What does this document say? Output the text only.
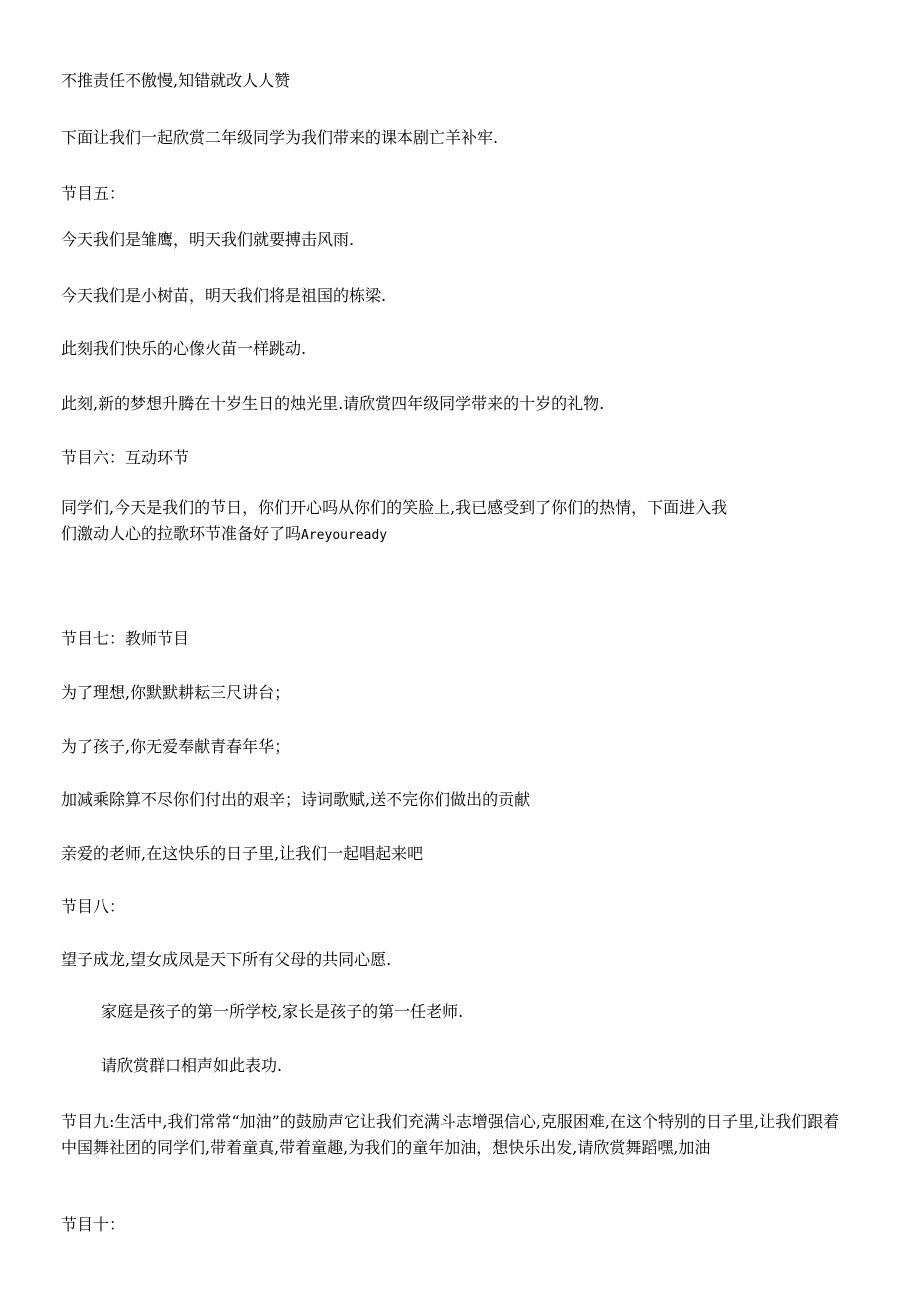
不推责任不傲慢,知错就改人人赞
下面让我们一起欣赏二年级同学为我们带来的课本剧亡羊补牢.
节目五：
今天我们是雏鹰，明天我们就要搏击风雨.
今天我们是小树苗，明天我们将是祖国的栋梁.
此刻我们快乐的心像火苗一样跳动.
此刻,新的梦想升腾在十岁生日的烛光里.请欣赏四年级同学带来的十岁的礼物.
节目六：互动环节
同学们,今天是我们的节日，你们开心吗从你们的笑脸上,我已感受到了你们的热情，下面进入我
们激动人心的拉歌环节准备好了吗Areyouready
节目七：教师节目
为了理想,你默默耕耘三尺讲台；
为了孩子,你无爱奉献青春年华；
加减乘除算不尽你们付出的艰辛；诗词歌赋,送不完你们做出的贡献
亲爱的老师,在这快乐的日子里,让我们一起唱起来吧
节目八：
望子成龙,望女成凤是天下所有父母的共同心愿.
家庭是孩子的第一所学校,家长是孩子的第一任老师.
请欣赏群口相声如此表功.
节目九:生活中,我们常常“加油”的鼓励声它让我们充满斗志增强信心,克服困难,在这个特别的日子里,让我们跟着中国舞社团的同学们,带着童真,带着童趣,为我们的童年加油，想快乐出发,请欣赏舞蹈嘿,加油
节目十：
